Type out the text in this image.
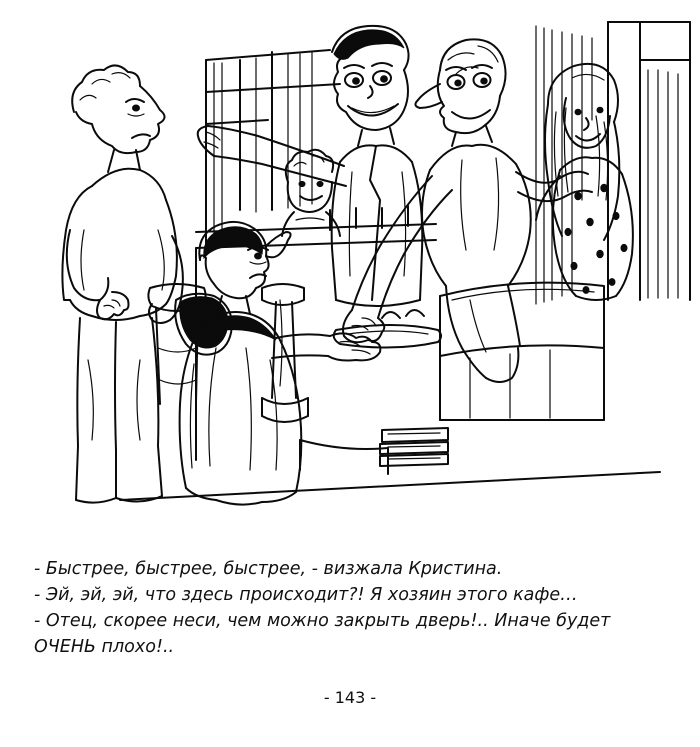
- Быстрее, быстрее, быстрее, - визжала Кристина.
- Эй, эй, эй, что здесь происходит?! Я хозяин этого кафе…
- Отец, скорее неси, чем можно закрыть дверь!.. Иначе будет
ОЧЕНЬ плохо!..
- 143 -
